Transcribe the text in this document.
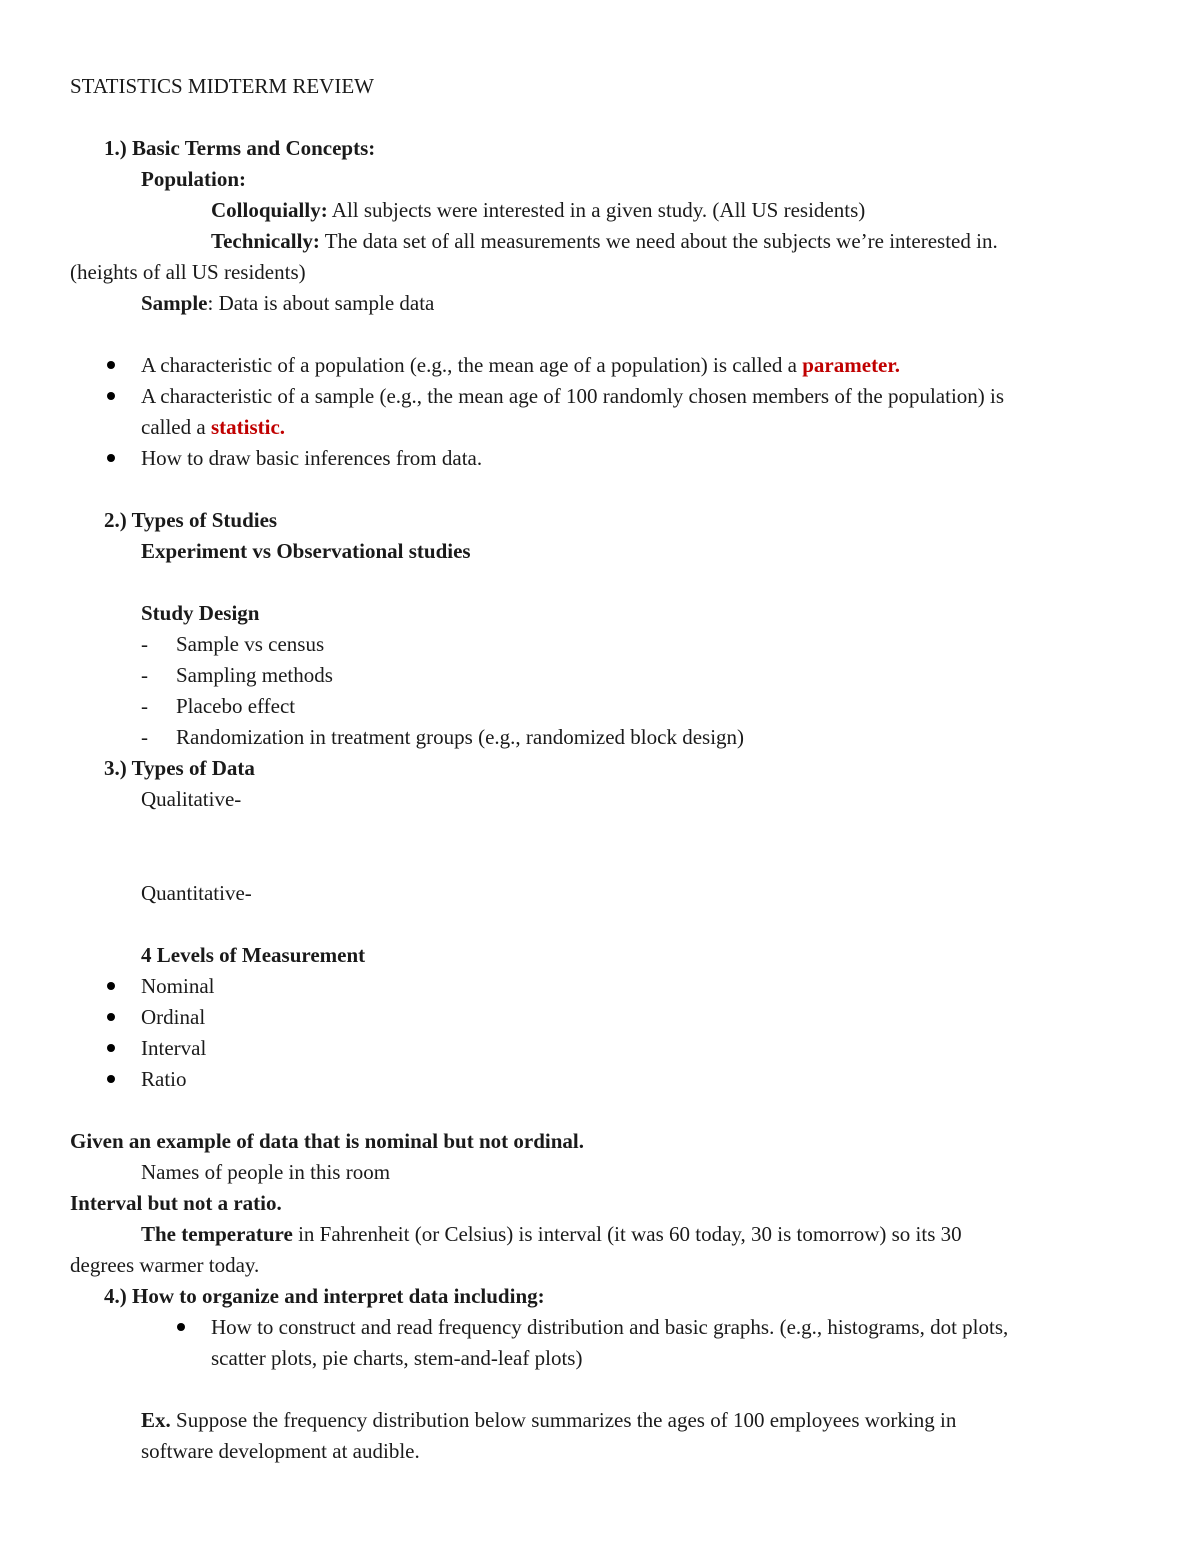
STATISTICS MIDTERM REVIEW
1.) Basic Terms and Concepts:
Population:
Colloquially: All subjects were interested in a given study. (All US residents)
Technically: The data set of all measurements we need about the subjects we’re interested in.
(heights of all US residents)
Sample: Data is about sample data
A characteristic of a population (e.g., the mean age of a population) is called a parameter.
A characteristic of a sample (e.g., the mean age of 100 randomly chosen members of the population) is
called a statistic.
How to draw basic inferences from data.
2.) Types of Studies
Experiment vs Observational studies
Study Design
- Sample vs census
- Sampling methods
- Placebo effect
- Randomization in treatment groups (e.g., randomized block design)
3.) Types of Data
Qualitative-
Quantitative-
4 Levels of Measurement
Nominal
Ordinal
Interval
Ratio
Given an example of data that is nominal but not ordinal.
Names of people in this room
Interval but not a ratio.
The temperature in Fahrenheit (or Celsius) is interval (it was 60 today, 30 is tomorrow) so its 30
degrees warmer today.
4.) How to organize and interpret data including:
How to construct and read frequency distribution and basic graphs. (e.g., histograms, dot plots,
scatter plots, pie charts, stem-and-leaf plots)
Ex. Suppose the frequency distribution below summarizes the ages of 100 employees working in
software development at audible.
